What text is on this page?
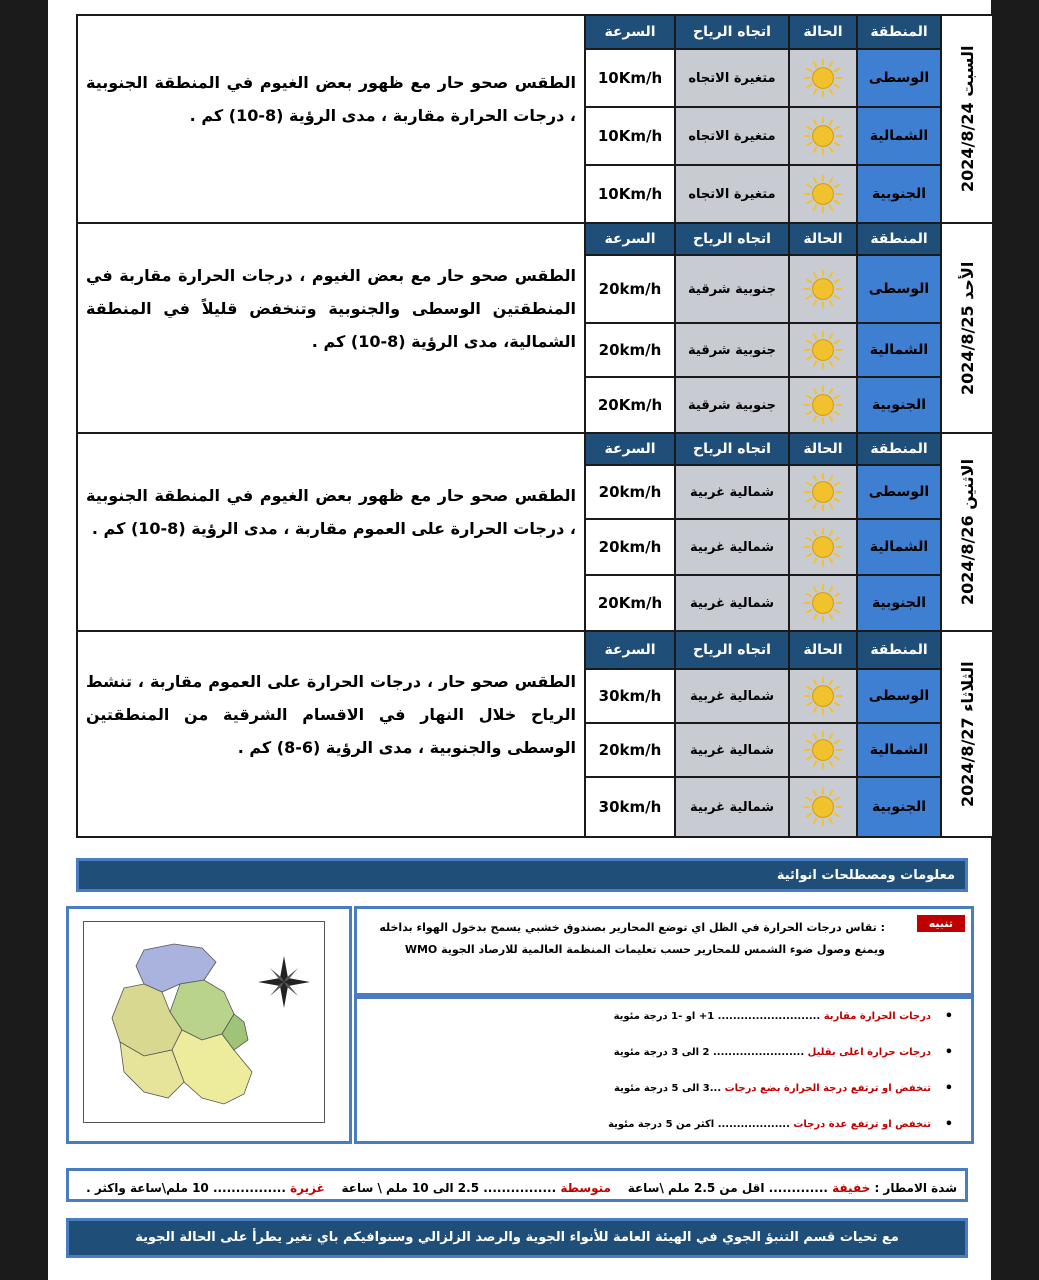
السبت 2024/8/24	المنطقة	الحالة	اتجاه الرياح	السرعة	الطقس صحو حار مع ظهور بعض الغيوم في المنطقة الجنوبية ، درجات الحرارة مقاربة ، مدى الرؤية (8-10) كم .

	الوسطى		متغيرة الاتجاه	10Km/h	
	الشمالية		متغيرة الاتجاه	10Km/h	
	الجنوبية		متغيرة الاتجاه	10Km/h	

الأحد 2024/8/25	المنطقة	الحالة	اتجاه الرياح	السرعة	الطقس صحو حار مع بعض الغيوم ، درجات الحرارة مقاربة في المنطقتين الوسطى والجنوبية وتنخفض قليلاً في المنطقة الشمالية، مدى الرؤية (8-10) كم .

	الوسطى		جنوبية شرقية	20km/h	
	الشمالية		جنوبية شرقية	20km/h	
	الجنوبية		جنوبية شرقية	20Km/h	

الاثنين 2024/8/26	المنطقة	الحالة	اتجاه الرياح	السرعة	الطقس صحو حار مع ظهور بعض الغيوم في المنطقة الجنوبية ، درجات الحرارة على العموم مقاربة ، مدى الرؤية (8-10) كم .

	الوسطى		شمالية غربية	20km/h	
	الشمالية		شمالية غربية	20km/h	
	الجنوبية		شمالية غربية	20Km/h	

الثلاثاء 2024/8/27	المنطقة	الحالة	اتجاه الرياح	السرعة	الطقس صحو حار ، درجات الحرارة على العموم مقاربة ، تنشط الرياح خلال النهار في الاقسام الشرقية من المنطقتين الوسطى والجنوبية ، مدى الرؤية (6-8) كم .

	الوسطى		شمالية غربية	30km/h	
	الشمالية		شمالية غربية	20km/h	
	الجنوبية		شمالية غربية	30km/h	
معلومات ومصطلحات انوائية
تنبيه
: تقاس درجات الحرارة في الظل اي توضع المحارير بصندوق خشبي يسمح بدخول الهواء بداخله ويمنع وصول ضوء الشمس للمحارير حسب تعليمات المنظمة العالمية للارصاد الجوية WMO
• درجات الحرارة مقاربة ........................... 1+ او -1 درجة مئوية
• درجات حرارة اعلى بقليل ........................ 2 الى 3 درجة مئوية
• تنخفض او ترتفع درجة الحرارة بضع درجات ...3 الى 5 درجة مئوية
• تنخفض او ترتفع عدة درجات ................... اكثر من 5 درجة مئوية
شدة الامطار : خفيفة ............. اقل من 2.5 ملم \ساعة    متوسطة ................ 2.5 الى 10 ملم \ ساعة    غزيرة ................ 10 ملم\ساعة واكثر .
مع تحيات قسم التنبؤ الجوي في الهيئة العامة للأنواء الجوية والرصد الزلزالي وسنوافيكم باي تغير يطرأ على الحالة الجوية
